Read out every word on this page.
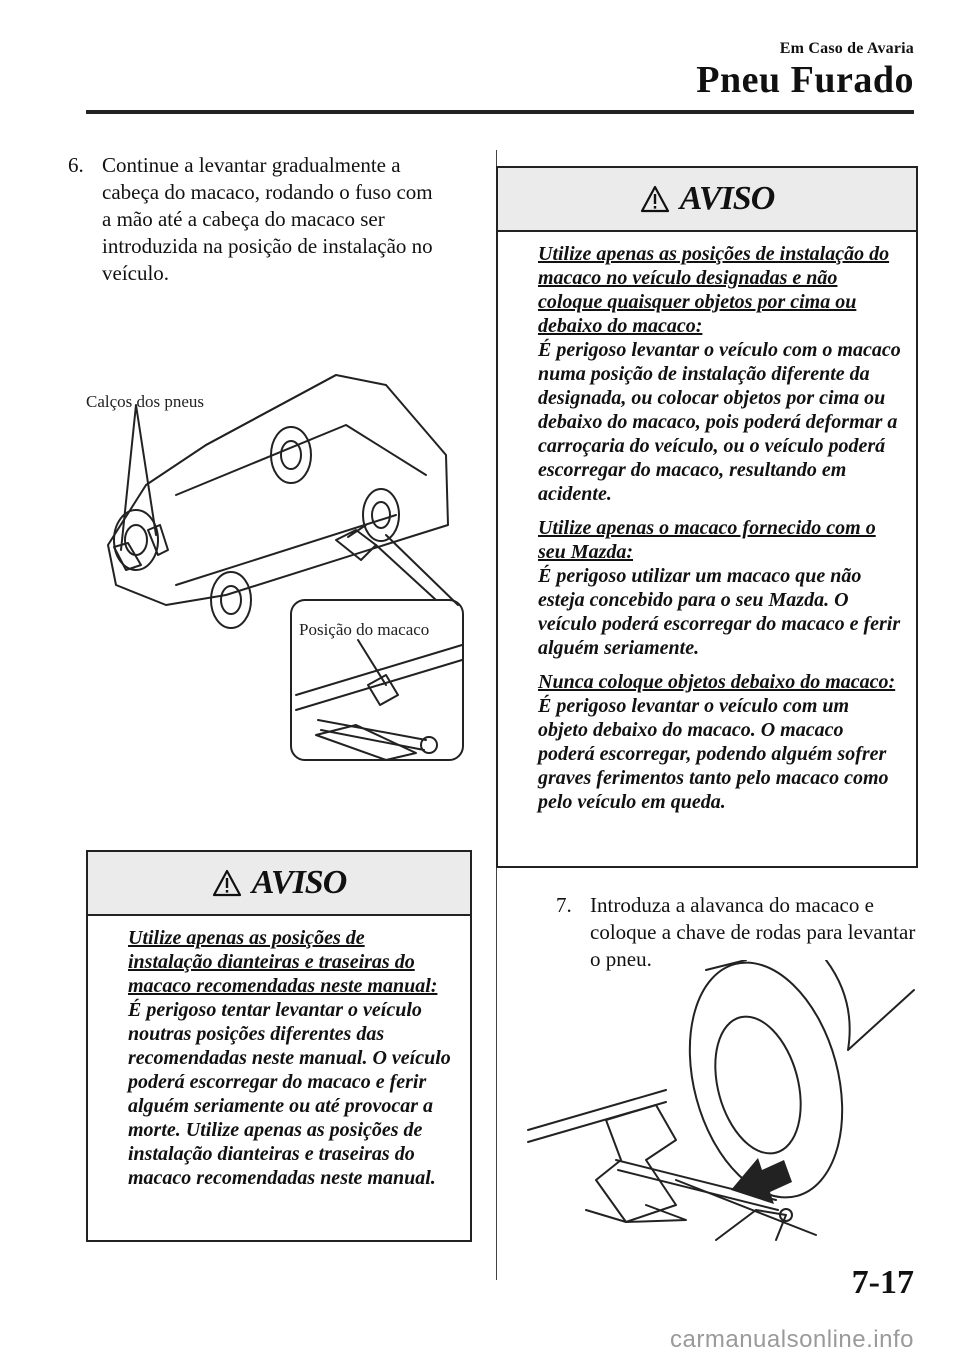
Em Caso de Avaria
Pneu Furado
6. Continue a levantar gradualmente a
cabeça do macaco, rodando o fuso com
a mão até a cabeça do macaco ser
introduzida na posição de instalação no
veículo.
Calços dos pneus
Posição do macaco
AVISO

Utilize apenas as posições de instalação dianteiras e traseiras do macaco recomendadas neste manual:
É perigoso tentar levantar o veículo noutras posições diferentes das recomendadas neste manual. O veículo poderá escorregar do macaco e ferir alguém seriamente ou até provocar a morte. Utilize apenas as posições de instalação dianteiras e traseiras do macaco recomendadas neste manual.

AVISO

Utilize apenas as posições de instalação do macaco no veículo designadas e não coloque quaisquer objetos por cima ou debaixo do macaco:
É perigoso levantar o veículo com o macaco numa posição de instalação diferente da designada, ou colocar objetos por cima ou debaixo do macaco, pois poderá deformar a carroçaria do veículo, ou o veículo poderá escorregar do macaco, resultando em acidente.

Utilize apenas o macaco fornecido com o seu Mazda:
É perigoso utilizar um macaco que não esteja concebido para o seu Mazda. O veículo poderá escorregar do macaco e ferir alguém seriamente.

Nunca coloque objetos debaixo do macaco:
É perigoso levantar o veículo com um objeto debaixo do macaco. O macaco poderá escorregar, podendo alguém sofrer graves ferimentos tanto pelo macaco como pelo veículo em queda.

7. Introduza a alavanca do macaco e
coloque a chave de rodas para levantar
o pneu.
7-17
carmanualsonline.info
